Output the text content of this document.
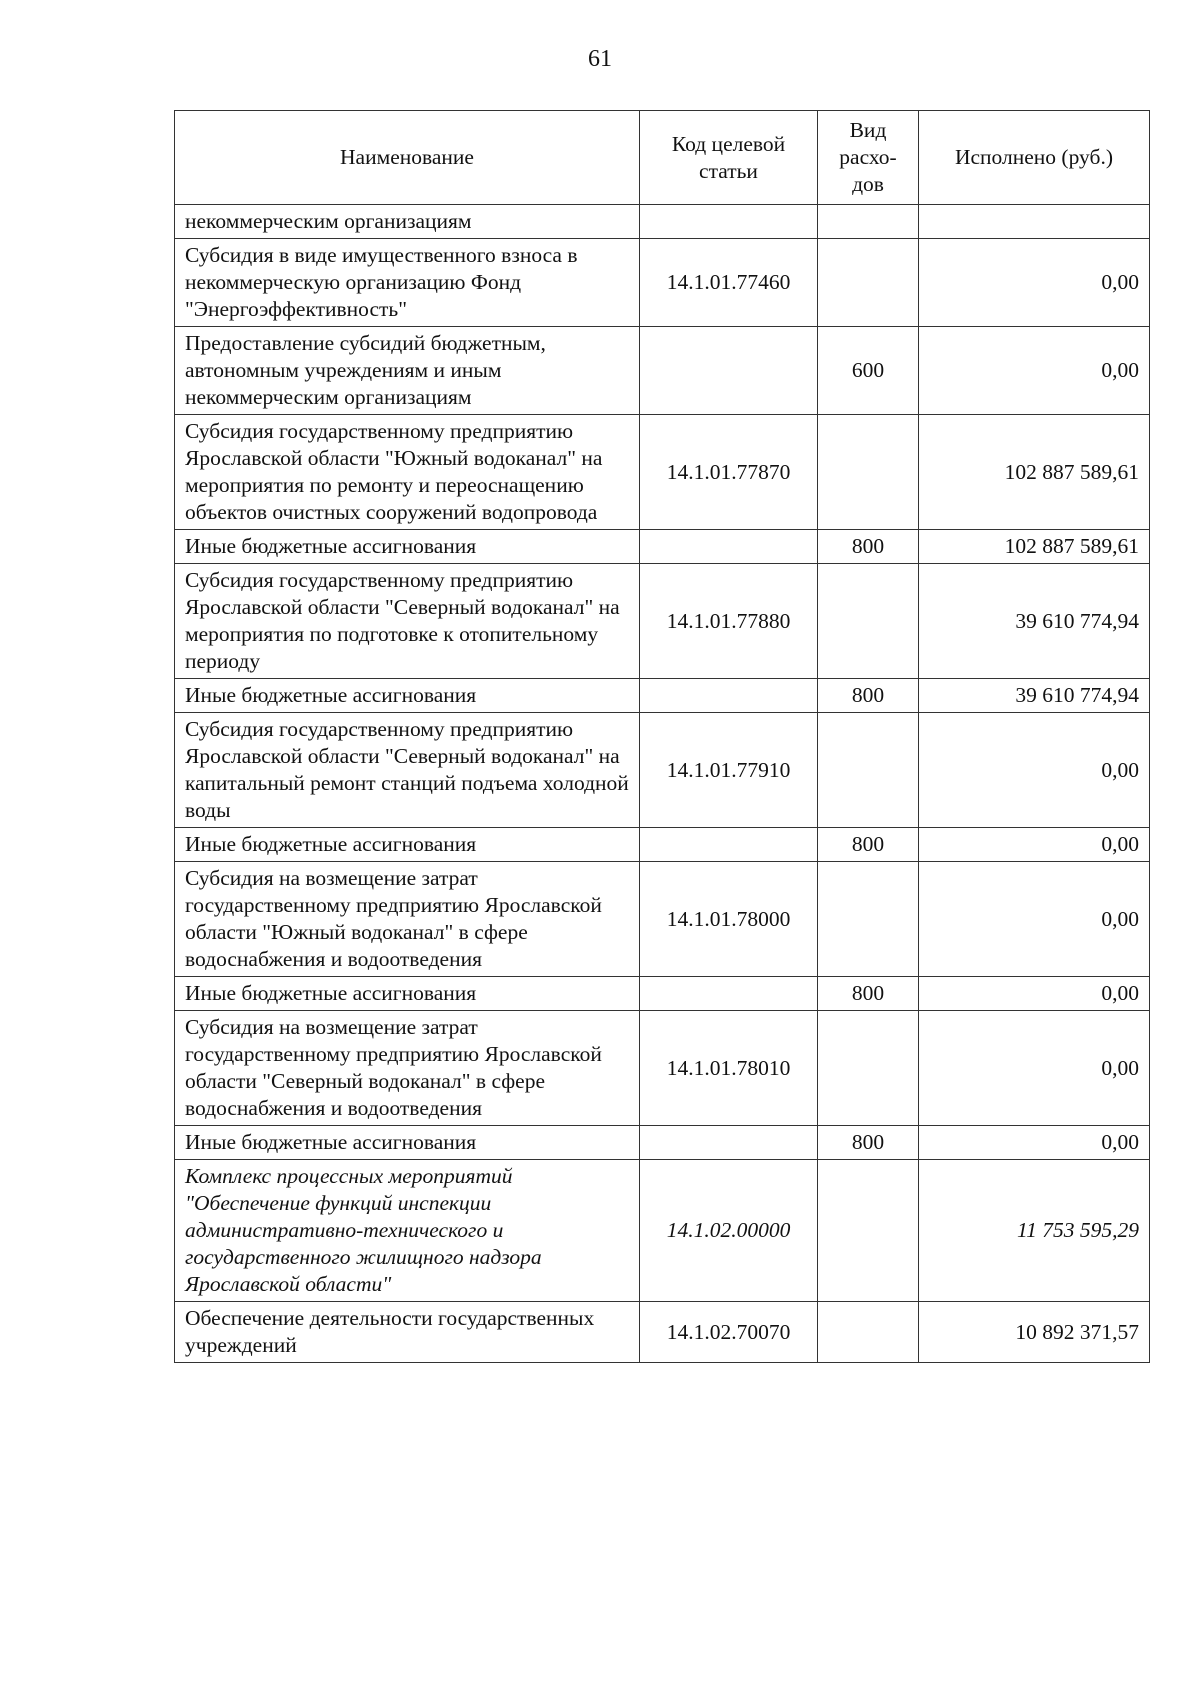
61
Наименование	Код целевой статьи	Вид расхо- дов	Исполнено (руб.)
некоммерческим организациям			
Субсидия в виде имущественного взноса в некоммерческую организацию Фонд "Энергоэффективность"	14.1.01.77460		0,00
Предоставление субсидий бюджетным, автономным учреждениям и иным некоммерческим организациям		600	0,00
Субсидия государственному предприятию Ярославской области "Южный водоканал" на мероприятия по ремонту и переоснащению объектов очистных сооружений водопровода	14.1.01.77870		102 887 589,61
Иные бюджетные ассигнования		800	102 887 589,61
Субсидия государственному предприятию Ярославской области "Северный водоканал" на мероприятия по подготовке к отопительному периоду	14.1.01.77880		39 610 774,94
Иные бюджетные ассигнования		800	39 610 774,94
Субсидия государственному предприятию Ярославской области "Северный водоканал" на капитальный ремонт станций подъема холодной воды	14.1.01.77910		0,00
Иные бюджетные ассигнования		800	0,00
Субсидия на возмещение затрат государственному предприятию Ярославской области "Южный водоканал" в сфере водоснабжения и водоотведения	14.1.01.78000		0,00
Иные бюджетные ассигнования		800	0,00
Субсидия на возмещение затрат государственному предприятию Ярославской области "Северный водоканал" в сфере водоснабжения и водоотведения	14.1.01.78010		0,00
Иные бюджетные ассигнования		800	0,00
Комплекс процессных мероприятий "Обеспечение функций инспекции административно-технического и государственного жилищного надзора Ярославской области"	14.1.02.00000		11 753 595,29
Обеспечение деятельности государственных учреждений	14.1.02.70070		10 892 371,57
